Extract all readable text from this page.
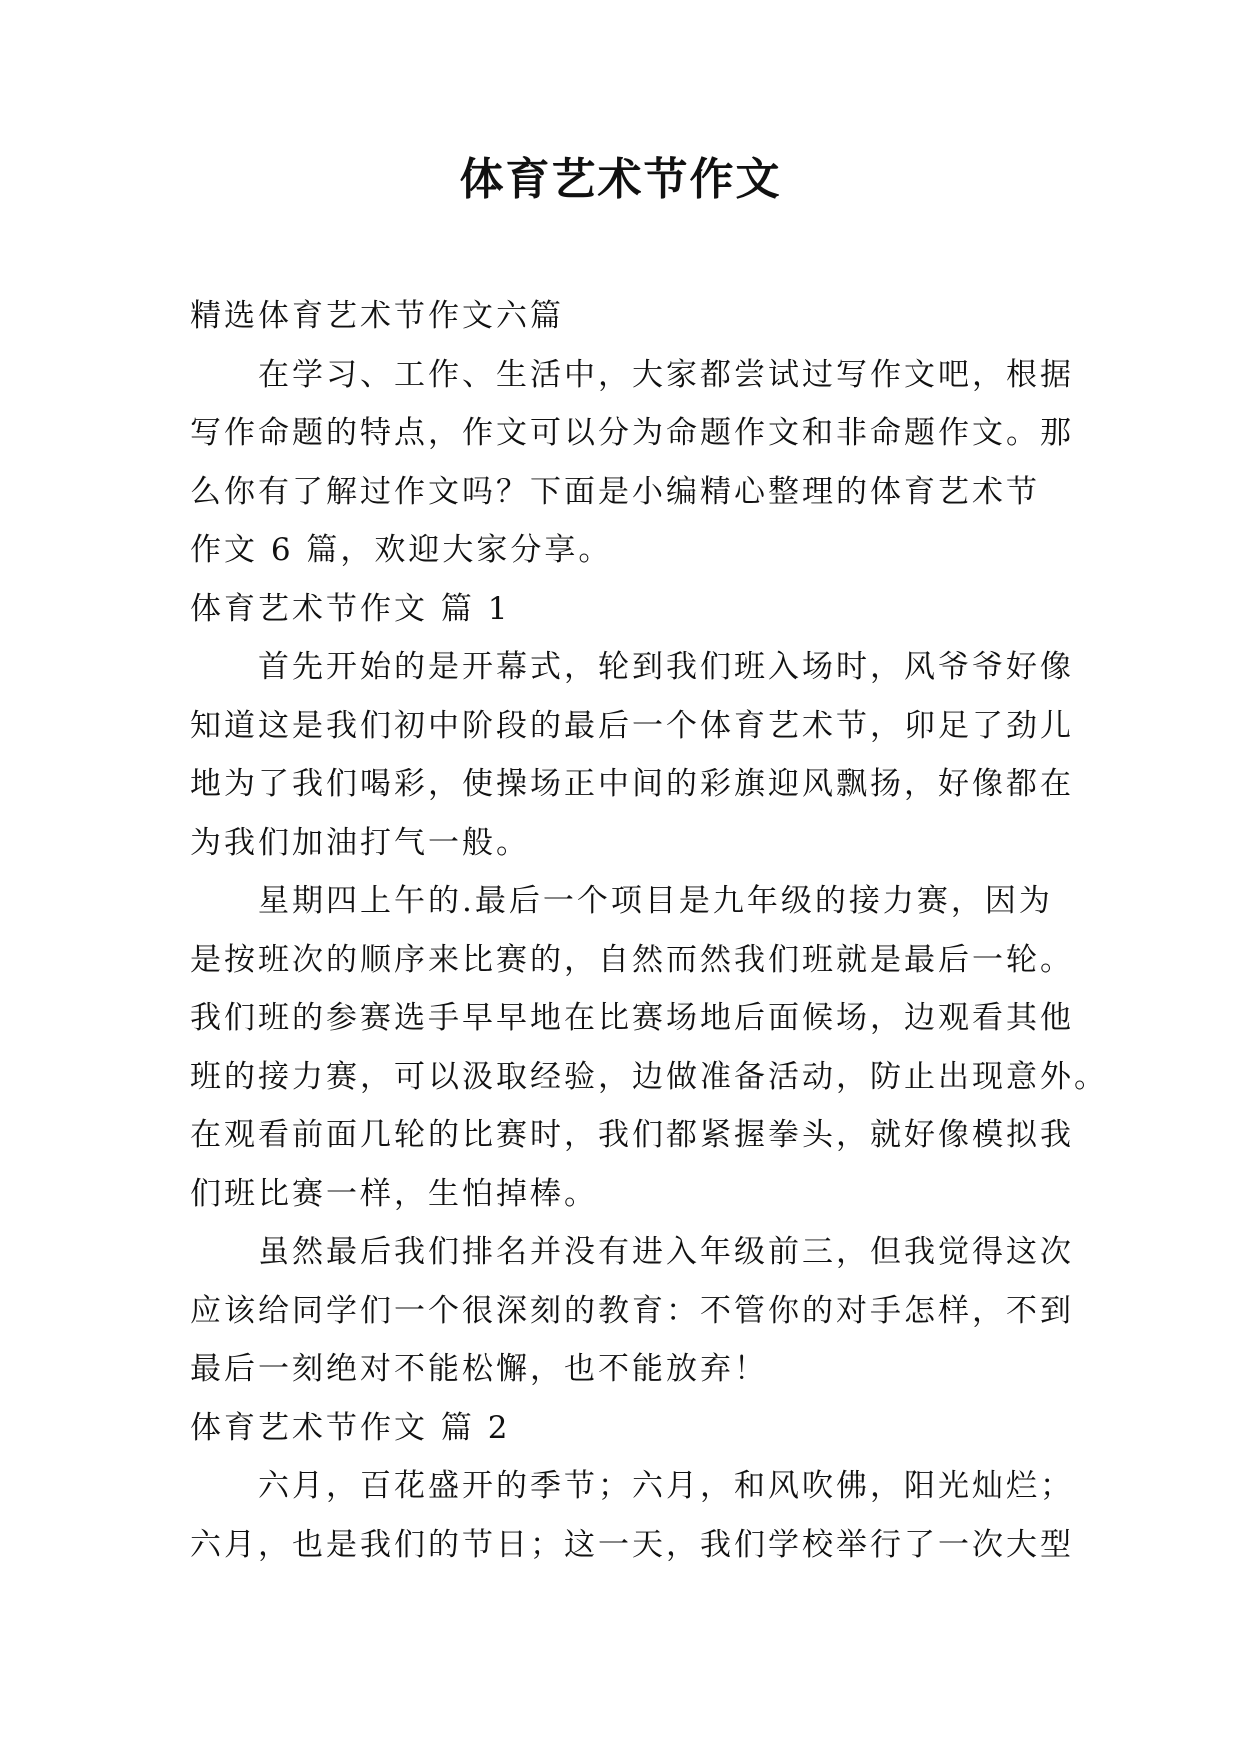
体育艺术节作文

精选体育艺术节作文六篇

在学习、工作、生活中，大家都尝试过写作文吧，根据

写作命题的特点，作文可以分为命题作文和非命题作文。那

么你有了解过作文吗？下面是小编精心整理的体育艺术节

作文 6 篇，欢迎大家分享。

体育艺术节作文 篇 1

首先开始的是开幕式，轮到我们班入场时，风爷爷好像

知道这是我们初中阶段的最后一个体育艺术节，卯足了劲儿

地为了我们喝彩，使操场正中间的彩旗迎风飘扬，好像都在

为我们加油打气一般。

星期四上午的.最后一个项目是九年级的接力赛，因为

是按班次的顺序来比赛的，自然而然我们班就是最后一轮。

我们班的参赛选手早早地在比赛场地后面候场，边观看其他

班的接力赛，可以汲取经验，边做准备活动，防止出现意外。

在观看前面几轮的比赛时，我们都紧握拳头，就好像模拟我

们班比赛一样，生怕掉棒。

虽然最后我们排名并没有进入年级前三，但我觉得这次

应该给同学们一个很深刻的教育：不管你的对手怎样，不到

最后一刻绝对不能松懈，也不能放弃！

体育艺术节作文 篇 2

六月，百花盛开的季节；六月，和风吹佛，阳光灿烂；

六月，也是我们的节日；这一天，我们学校举行了一次大型
